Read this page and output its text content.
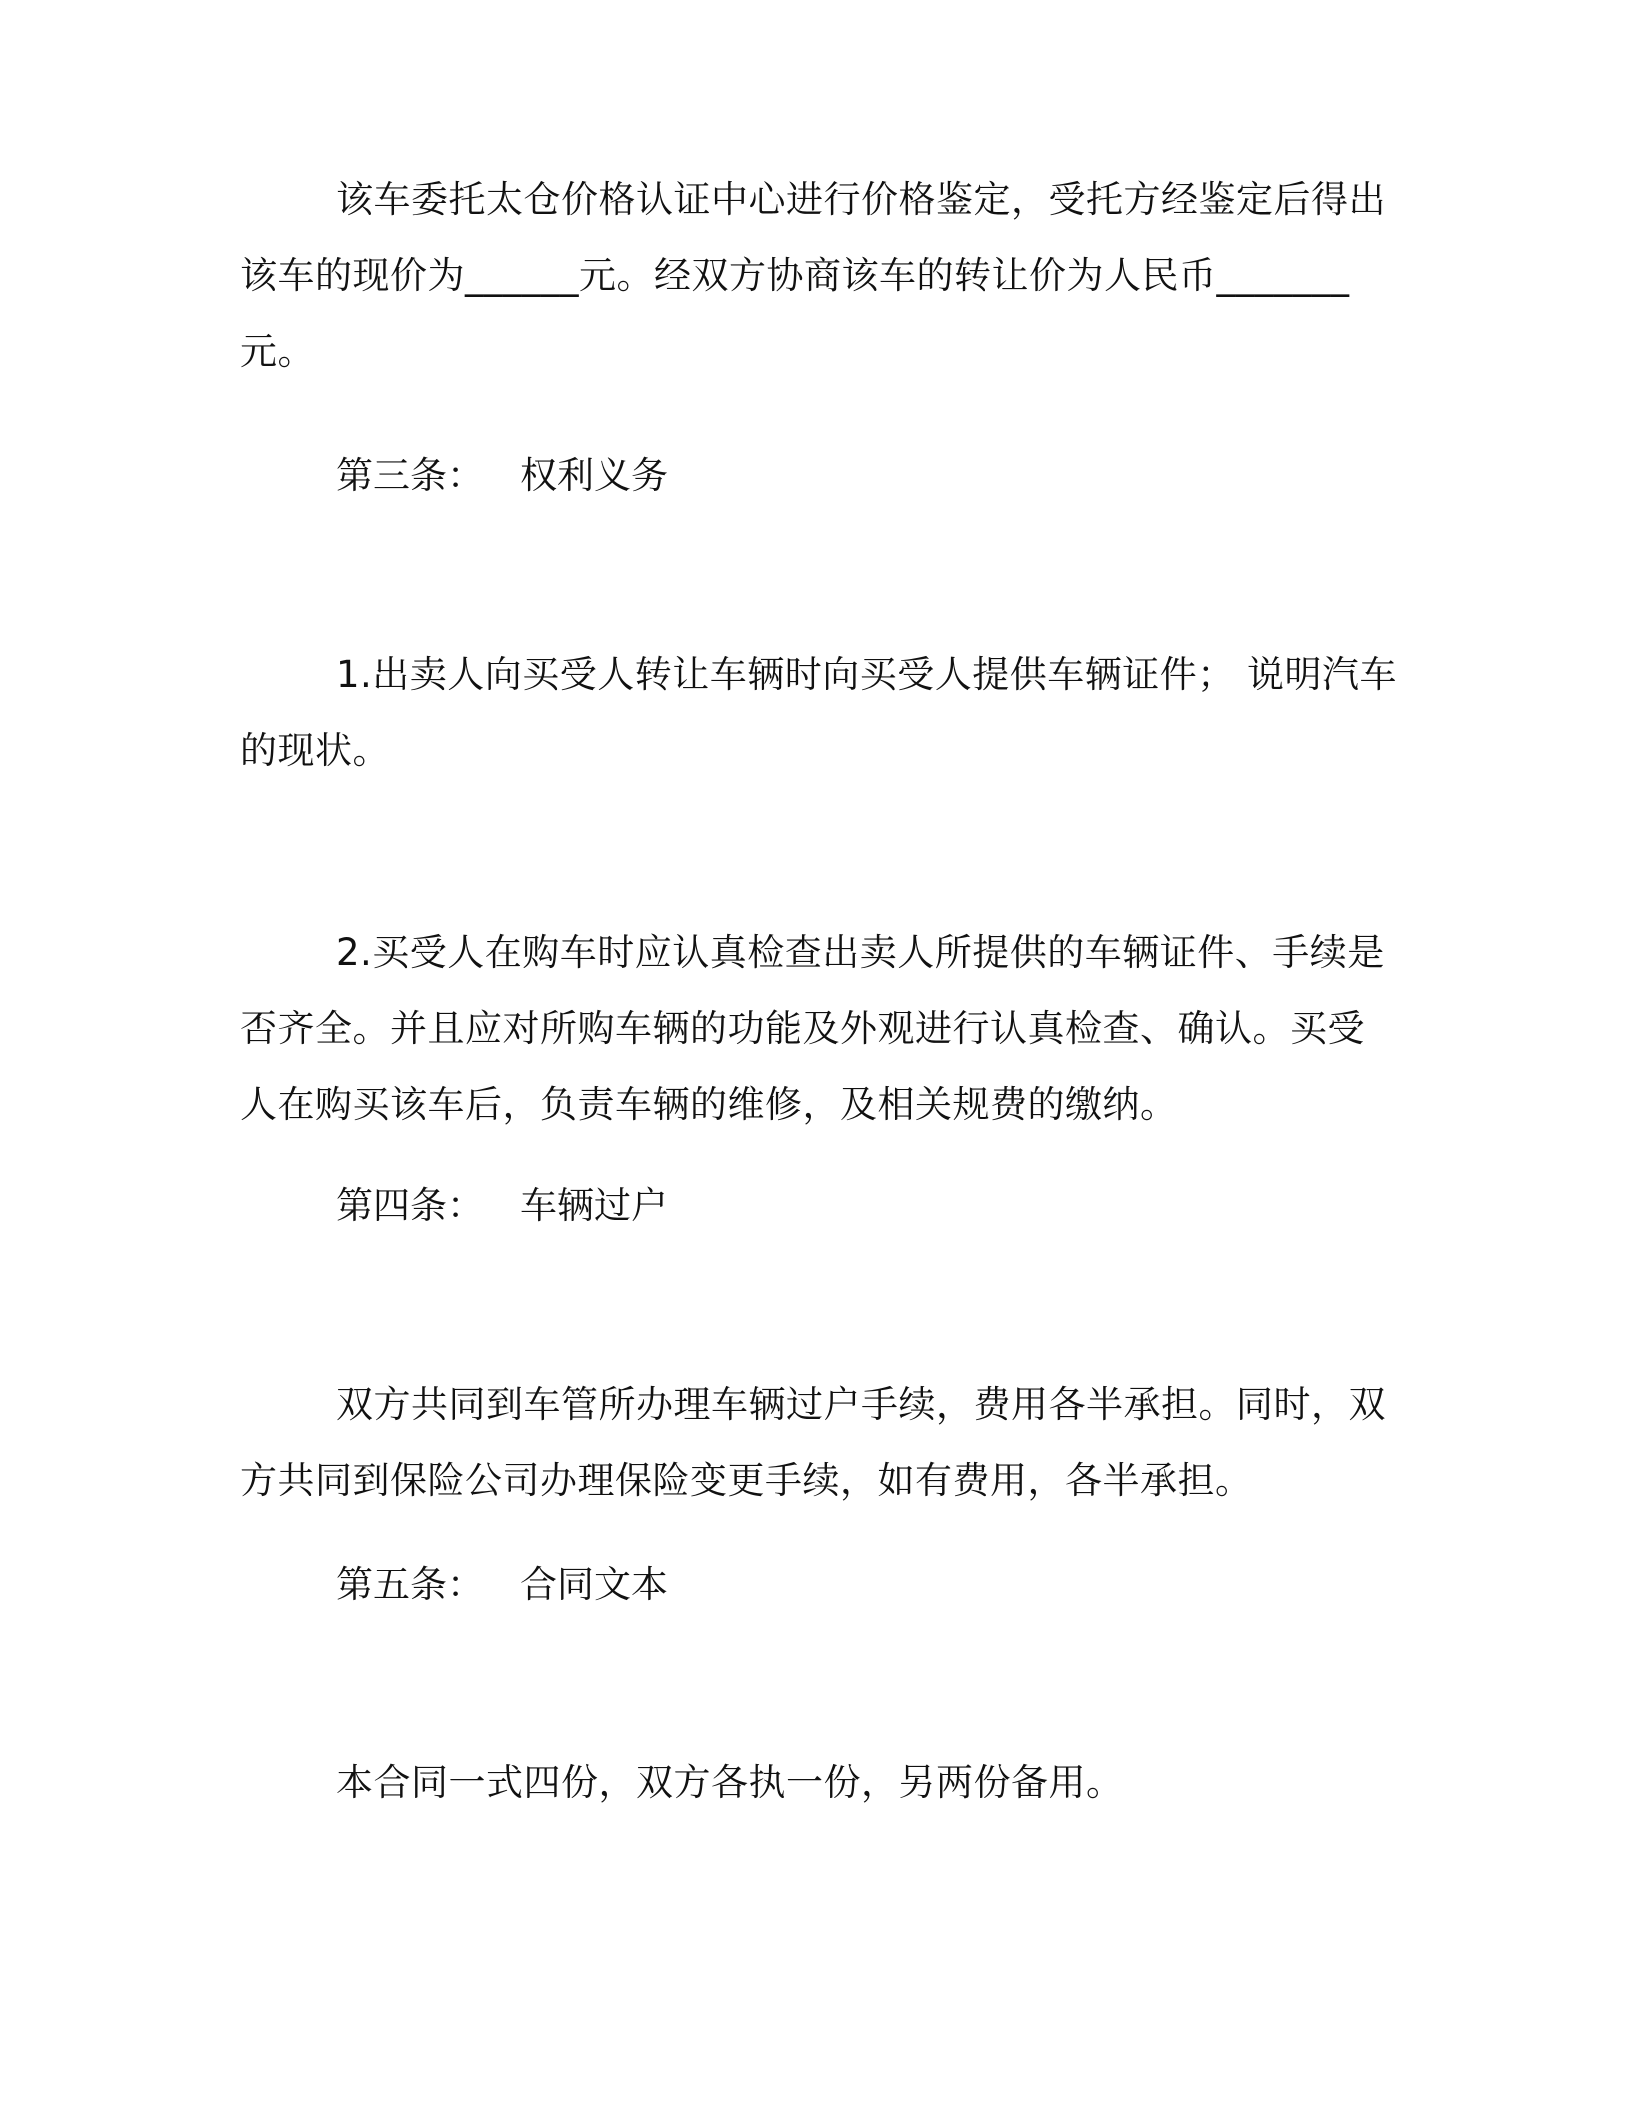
该车委托太仓价格认证中心进行价格鉴定，受托方经鉴定后得出
该车的现价为______元。经双方协商该车的转让价为人民币_______
元。

第三条： 权利义务

1.出卖人向买受人转让车辆时向买受人提供车辆证件； 说明汽车
的现状。

2.买受人在购车时应认真检查出卖人所提供的车辆证件、手续是
否齐全。并且应对所购车辆的功能及外观进行认真检查、确认。买受
人在购买该车后，负责车辆的维修，及相关规费的缴纳。

第四条： 车辆过户

双方共同到车管所办理车辆过户手续，费用各半承担。同时，双
方共同到保险公司办理保险变更手续，如有费用，各半承担。

第五条： 合同文本

本合同一式四份，双方各执一份，另两份备用。
